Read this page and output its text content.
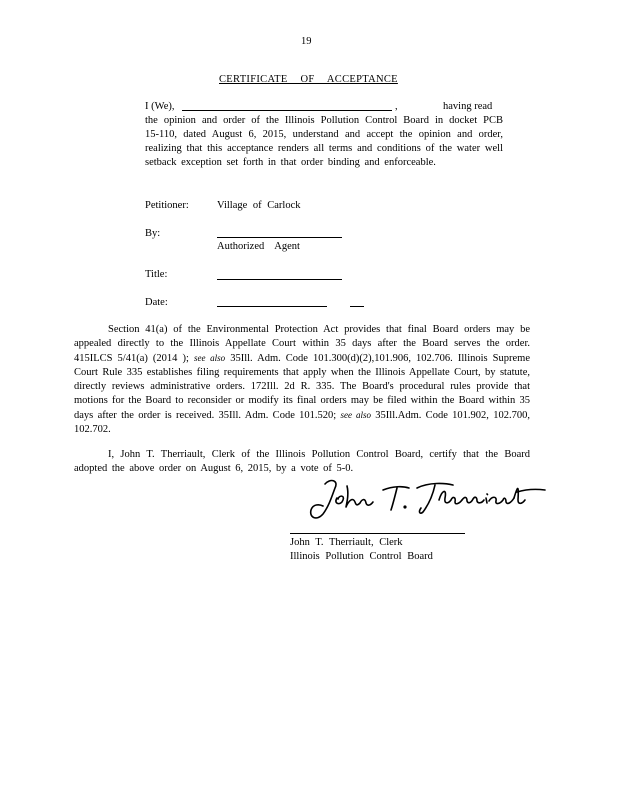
19
CERTIFICATE OF ACCEPTANCE
I (We),	,	having read
the opinion and order of the Illinois Pollution Control Board in docket PCB 15-110, dated August 6, 2015, understand and accept the opinion and order, realizing that this acceptance renders all terms and conditions of the water well setback exception set forth in that order binding and enforceable.
Petitioner:	Village of Carlock
By:
Authorized Agent
Title:
Date:
Section 41(a) of the Environmental Protection Act provides that final Board orders may be appealed directly to the Illinois Appellate Court within 35 days after the Board serves the order. 415ILCS 5/41(a) (2014 ); see also 35Ill. Adm. Code 101.300(d)(2),101.906, 102.706. Illinois Supreme Court Rule 335 establishes filing requirements that apply when the Illinois Appellate Court, by statute, directly reviews administrative orders. 172Ill. 2d R. 335. The Board's procedural rules provide that motions for the Board to reconsider or modify its final orders may be filed within the Board within 35 days after the order is received. 35Ill. Adm. Code 101.520; see also 35Ill.Adm. Code 101.902, 102.700, 102.702.
I, John T. Therriault, Clerk of the Illinois Pollution Control Board, certify that the Board adopted the above order on August 6, 2015, by a vote of 5-0.
John T. Therriault, Clerk
Illinois Pollution Control Board
